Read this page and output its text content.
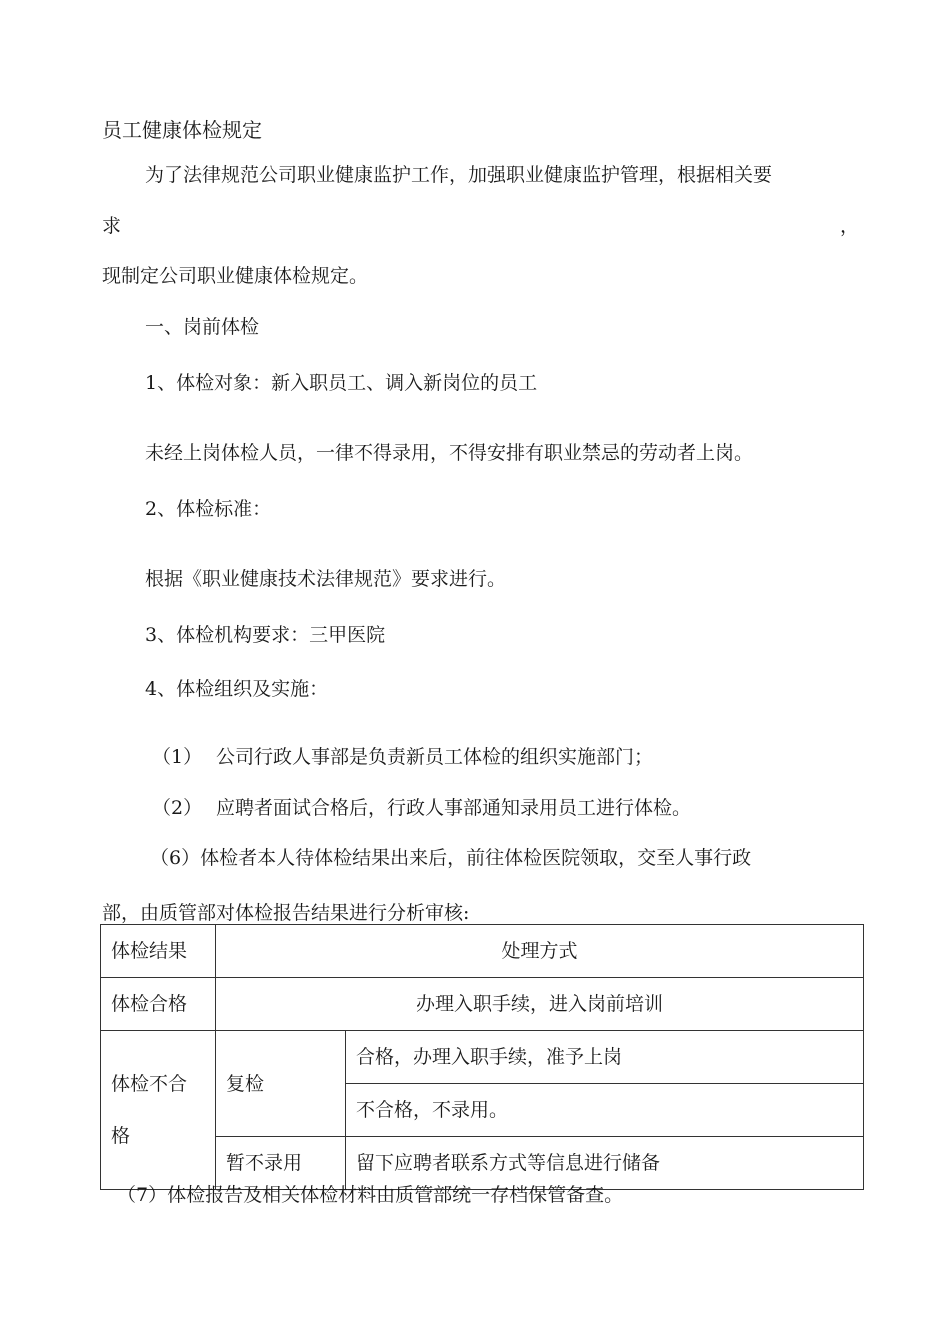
员工健康体检规定
为了法律规范公司职业健康监护工作，加强职业健康监护管理，根据相关要
求	，
现制定公司职业健康体检规定。
一、岗前体检
1、体检对象：新入职员工、调入新岗位的员工
未经上岗体检人员，一律不得录用，不得安排有职业禁忌的劳动者上岗。
2、体检标准：
根据《职业健康技术法律规范》要求进行。
3、体检机构要求：三甲医院
4、体检组织及实施：
（1） 公司行政人事部是负责新员工体检的组织实施部门；
（2） 应聘者面试合格后，行政人事部通知录用员工进行体检。
（6）体检者本人待体检结果出来后，前往体检医院领取，交至人事行政
部，由质管部对体检报告结果进行分析审核:
体检结果	处理方式	
体检合格	办理入职手续，进入岗前培训	
体检不合格	复检	合格，办理入职手续，准予上岗
		不合格，不录用。
	暂不录用	留下应聘者联系方式等信息进行储备
（7）体检报告及相关体检材料由质管部统一存档保管备查。
